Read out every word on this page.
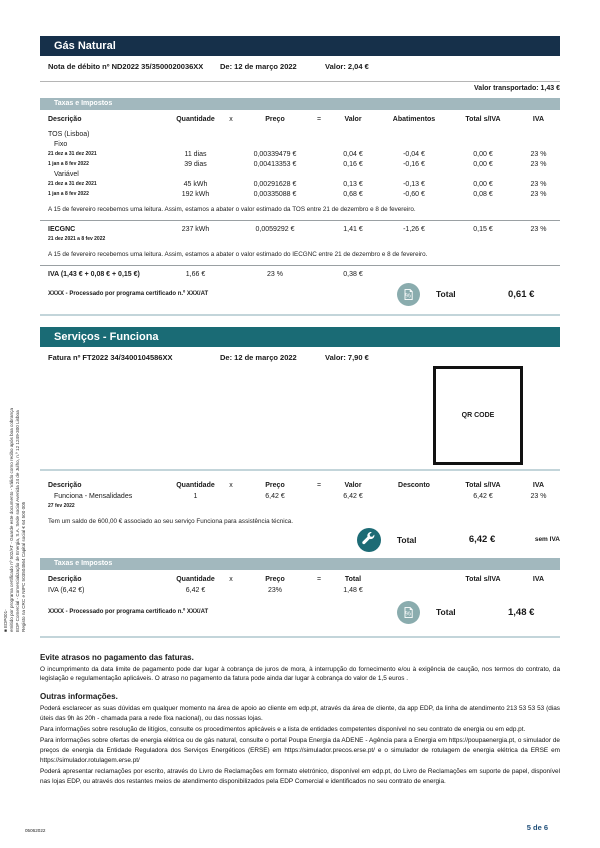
■ EDP001- emitido por programa certificado nº 502/AT - Guarde este documento - Válido como recibo após boa cobrança EDP Comercial - Comercialização de Energia, S.A. Sede social Avenida 24 de Julho, n.º 12 1249-300 Lisboa Registo na CRC e NIPC 503504564 Capital social € 64 500 005
Gás Natural
Nota de débito nº ND2022 35/3500020036XX	De: 12 de março 2022	Valor: 2,04 €
Valor transportado: 1,43 €
Taxas e Impostos
Descrição	Quantidade	x	Preço	=	Valor	Abatimentos	Total s/IVA	IVA
TOS (Lisboa)								
Fixo								
21 dez a 31 dez 2021	11 dias		0,00339479 €		0,04 €	-0,04 €	0,00 €	23 %
1 jan a 8 fev 2022	39 dias		0,00413353 €		0,16 €	-0,16 €	0,00 €	23 %
Variável								
21 dez a 31 dez 2021	45 kWh		0,00291628 €		0,13 €	-0,13 €	0,00 €	23 %
1 jan a 8 fev 2022	192 kWh		0,00335088 €		0,68 €	-0,60 €	0,08 €	23 %
A 15 de fevereiro recebemos uma leitura. Assim, estamos a abater o valor estimado da TOS entre 21 de dezembro e 8 de fevereiro.
IECGNC	237 kWh		0,0059292 €		1,41 €	-1,26 €	0,15 €	23 %
21 dez 2021 a 8 fev 2022								
A 15 de fevereiro recebemos uma leitura. Assim, estamos a abater o valor estimado do IECGNC entre 21 de dezembro e 8 de fevereiro.
IVA (1,43 € + 0,08 € + 0,15 €)	1,66 €		23 %		0,38 €	
XXXX - Processado por programa certificado n.º XXX/AT	%	Total	0,61 €
Serviços - Funciona
Fatura nº FT2022 34/3400104586XX	De: 12 de março 2022	Valor: 7,90 €
QR CODE
Descrição	Quantidade	x	Preço	=	Valor	Desconto	Total s/IVA	IVA
Funciona - Mensalidades	1		6,42 €		6,42 €		6,42 €	23 %
27 fev 2022								
Tem um saldo de 600,00 € associado ao seu serviço Funciona para assistência técnica.
Total	6,42 €	sem IVA
Taxas e Impostos
Descrição	Quantidade	x	Preço	=	Total		Total s/IVA	IVA
IVA (6,42 €)	6,42 €		23%		1,48 €			
XXXX - Processado por programa certificado n.º XXX/AT	%	Total	1,48 €
Evite atrasos no pagamento das faturas.

O incumprimento da data limite de pagamento pode dar lugar à cobrança de juros de mora, à interrupção do fornecimento e/ou à exigência de caução, nos termos do contrato, da legislação e regulamentação aplicáveis. O atraso no pagamento da fatura pode ainda dar lugar à cobrança do valor de 1,5 euros .

Outras informações.

Poderá esclarecer as suas dúvidas em qualquer momento na área de apoio ao cliente em edp.pt, através da área de cliente, da app EDP, da linha de atendimento 213 53 53 53 (dias úteis das 9h às 20h - chamada para a rede fixa nacional), ou das nossas lojas.

Para informações sobre resolução de litígios, consulte os procedimentos aplicáveis e a lista de entidades competentes disponível no seu contrato de energia ou em edp.pt.

Para informações sobre ofertas de energia elétrica ou de gás natural, consulte o portal Poupa Energia da ADENE - Agência para a Energia em https://poupaenergia.pt, o simulador de preços de energia da Entidade Reguladora dos Serviços Energéticos (ERSE) em https://simulador.precos.erse.pt/ e o simulador de rotulagem de energia elétrica da ERSE em https://simulador.rotulagem.erse.pt/

Poderá apresentar reclamações por escrito, através do Livro de Reclamações em formato eletrónico, disponível em edp.pt, do Livro de Reclamações em suporte de papel, disponível nas lojas EDP, ou através dos restantes meios de atendimento disponibilizados pela EDP Comercial e identificados no seu contrato de energia.

05062022	5 de 6
